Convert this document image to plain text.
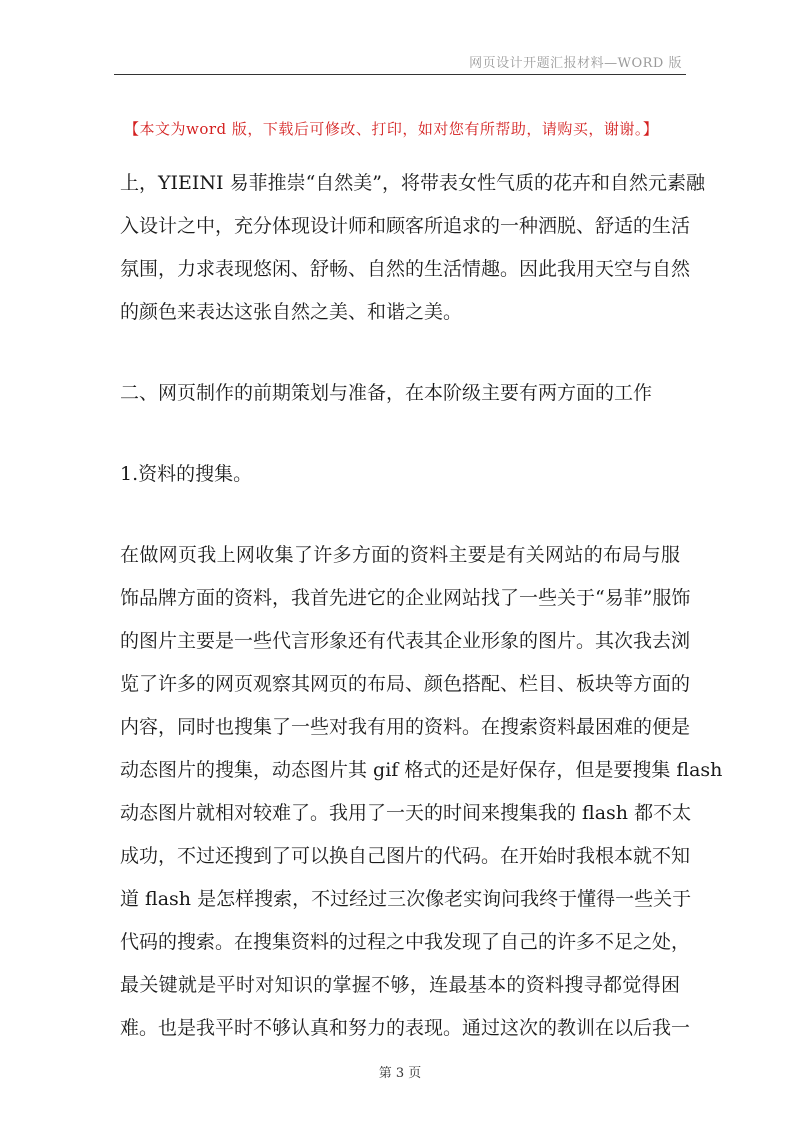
网页设计开题汇报材料—WORD 版
【本文为word 版，下载后可修改、打印，如对您有所帮助，请购买，谢谢。】
上，YIEINI 易菲推崇“自然美”，将带表女性气质的花卉和自然元素融
入设计之中，充分体现设计师和顾客所追求的一种洒脱、舒适的生活
氛围，力求表现悠闲、舒畅、自然的生活情趣。因此我用天空与自然
的颜色来表达这张自然之美、和谐之美。
二、网页制作的前期策划与准备，在本阶级主要有两方面的工作
1.资料的搜集。
在做网页我上网收集了许多方面的资料主要是有关网站的布局与服
饰品牌方面的资料，我首先进它的企业网站找了一些关于“易菲”服饰
的图片主要是一些代言形象还有代表其企业形象的图片。其次我去浏
览了许多的网页观察其网页的布局、颜色搭配、栏目、板块等方面的
内容，同时也搜集了一些对我有用的资料。在搜索资料最困难的便是
动态图片的搜集，动态图片其 gif 格式的还是好保存，但是要搜集 flash
动态图片就相对较难了。我用了一天的时间来搜集我的 flash 都不太
成功，不过还搜到了可以换自己图片的代码。在开始时我根本就不知
道 flash 是怎样搜索，不过经过三次像老实询问我终于懂得一些关于
代码的搜索。在搜集资料的过程之中我发现了自己的许多不足之处，
最关键就是平时对知识的掌握不够，连最基本的资料搜寻都觉得困
难。也是我平时不够认真和努力的表现。通过这次的教训在以后我一
第 3 页
